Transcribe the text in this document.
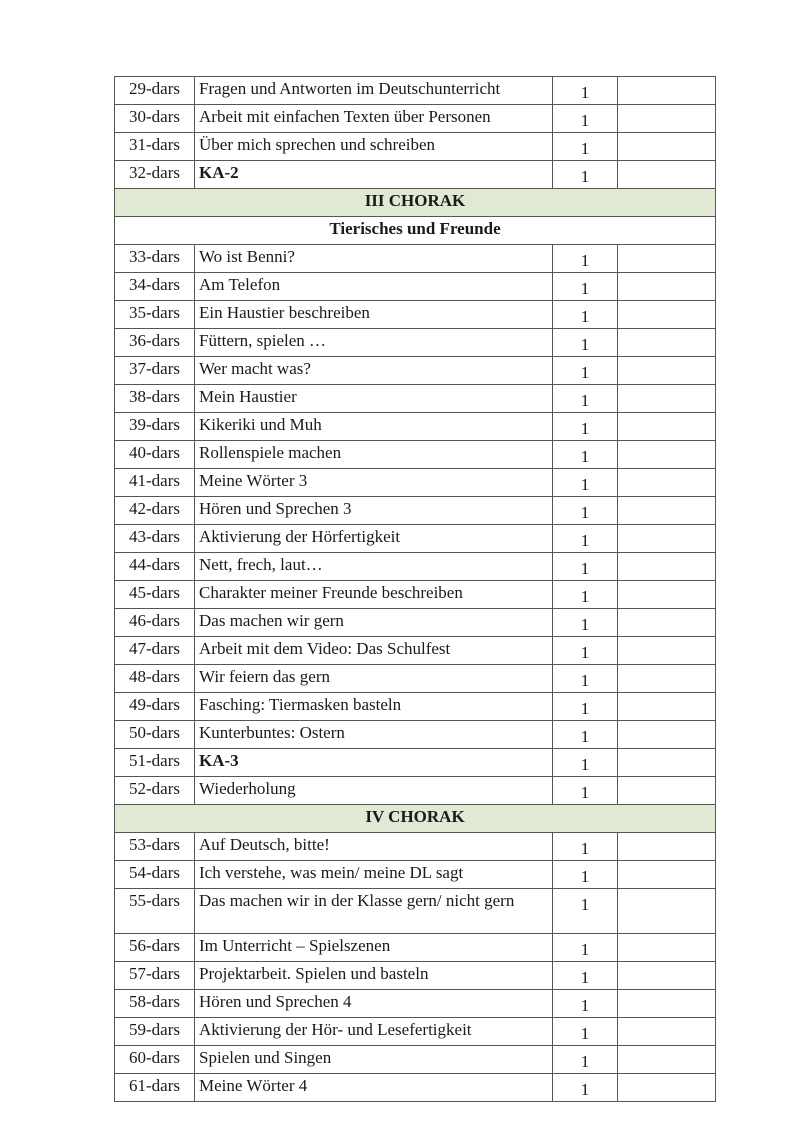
29-dars	Fragen und Antworten im Deutschunterricht	1	
30-dars	Arbeit mit einfachen Texten über Personen	1	
31-dars	Über mich sprechen und schreiben	1	
32-dars	KA-2	1	
III CHORAK			
Tierisches und Freunde			
33-dars	Wo ist Benni?	1	
34-dars	Am Telefon	1	
35-dars	Ein Haustier beschreiben	1	
36-dars	Füttern, spielen …	1	
37-dars	Wer macht was?	1	
38-dars	Mein Haustier	1	
39-dars	Kikeriki und Muh	1	
40-dars	Rollenspiele machen	1	
41-dars	Meine Wörter 3	1	
42-dars	Hören und Sprechen 3	1	
43-dars	Aktivierung der Hörfertigkeit	1	
44-dars	Nett, frech, laut…	1	
45-dars	Charakter meiner Freunde beschreiben	1	
46-dars	Das machen wir gern	1	
47-dars	Arbeit mit dem Video: Das Schulfest	1	
48-dars	Wir feiern das gern	1	
49-dars	Fasching: Tiermasken basteln	1	
50-dars	Kunterbuntes: Ostern	1	
51-dars	KA-3	1	
52-dars	Wiederholung	1	
IV CHORAK			
53-dars	Auf Deutsch, bitte!	1	
54-dars	Ich verstehe, was mein/ meine DL sagt	1	
55-dars	Das machen wir in der Klasse gern/ nicht gern	1	
56-dars	Im Unterricht – Spielszenen	1	
57-dars	Projektarbeit. Spielen und basteln	1	
58-dars	Hören und Sprechen 4	1	
59-dars	Aktivierung der Hör- und Lesefertigkeit	1	
60-dars	Spielen und Singen	1	
61-dars	Meine Wörter 4	1	
